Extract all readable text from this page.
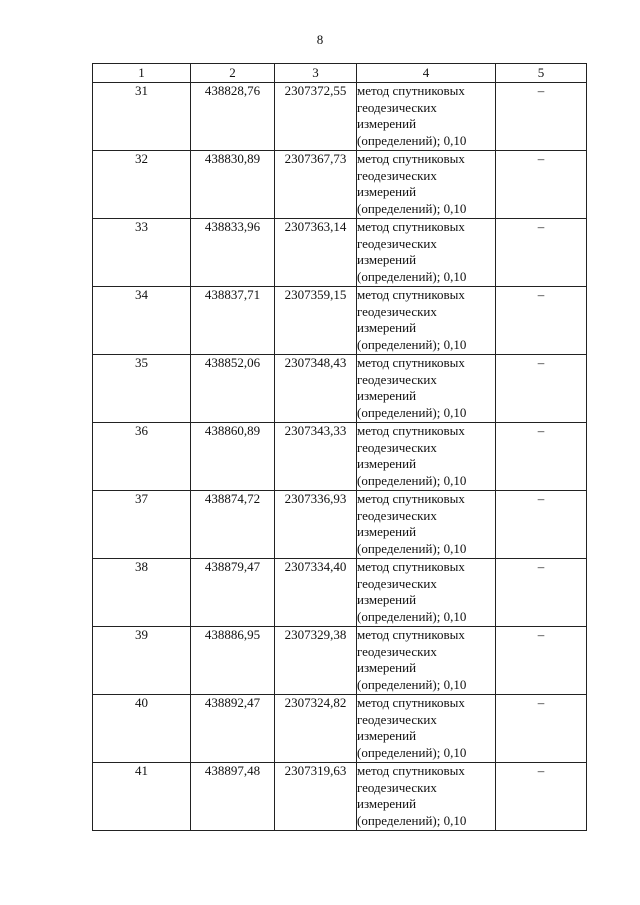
8
1	2	3	4	5
31	438828,76	2307372,55	метод спутниковых
геодезических
измерений
(определений); 0,10	–
32	438830,89	2307367,73	метод спутниковых
геодезических
измерений
(определений); 0,10	–
33	438833,96	2307363,14	метод спутниковых
геодезических
измерений
(определений); 0,10	–
34	438837,71	2307359,15	метод спутниковых
геодезических
измерений
(определений); 0,10	–
35	438852,06	2307348,43	метод спутниковых
геодезических
измерений
(определений); 0,10	–
36	438860,89	2307343,33	метод спутниковых
геодезических
измерений
(определений); 0,10	–
37	438874,72	2307336,93	метод спутниковых
геодезических
измерений
(определений); 0,10	–
38	438879,47	2307334,40	метод спутниковых
геодезических
измерений
(определений); 0,10	–
39	438886,95	2307329,38	метод спутниковых
геодезических
измерений
(определений); 0,10	–
40	438892,47	2307324,82	метод спутниковых
геодезических
измерений
(определений); 0,10	–
41	438897,48	2307319,63	метод спутниковых
геодезических
измерений
(определений); 0,10	–
